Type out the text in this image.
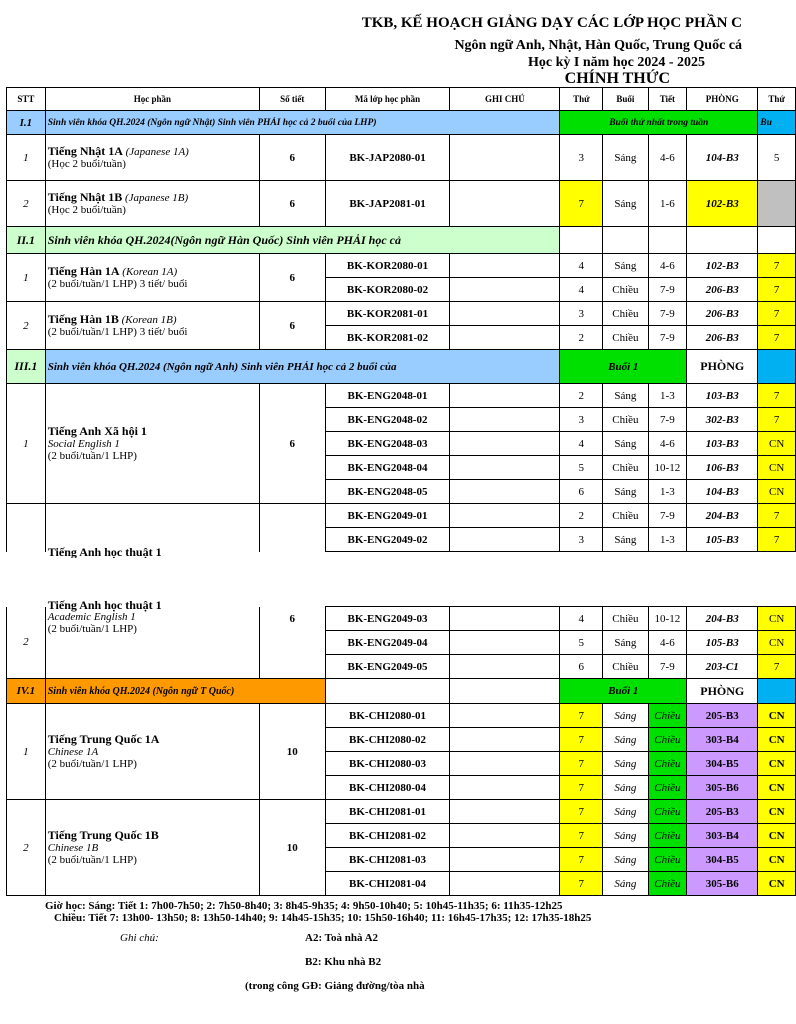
TKB, KẾ HOẠCH GIẢNG DẠY CÁC LỚP HỌC PHẦN C
Ngôn ngữ Anh, Nhật, Hàn Quốc, Trung Quốc cá
Học kỳ I năm học 2024 - 2025
CHÍNH THỨC
STT	Học phần	Số tiết	Mã lớp học phần	GHI CHÚ	Thứ	Buổi	Tiết	PHÒNG	Thứ
I.1	Sinh viên khóa QH.2024 (Ngôn ngữ Nhật) Sinh viên PHẢI học cả 2 buổi của LHP)				Buổi thứ nhất trong tuần				Bu
1	Tiếng Nhật 1A (Japanese 1A)
(Học 2 buổi/tuần)	6	BK-JAP2080-01		3	Sáng	4-6	104-B3	5
2	Tiếng Nhật 1B (Japanese 1B)
(Học 2 buổi/tuần)	6	BK-JAP2081-01		7	Sáng	1-6	102-B3	
II.1	Sinh viên khóa QH.2024(Ngôn ngữ Hàn Quốc) Sinh viên PHẢI học cả								
1	Tiếng Hàn 1A (Korean 1A)
(2 buổi/tuần/1 LHP) 3 tiết/ buổi	6	BK-KOR2080-01		4	Sáng	4-6	102-B3	7
			BK-KOR2080-02		4	Chiều	7-9	206-B3	7
2	Tiếng Hàn 1B (Korean 1B)
(2 buổi/tuần/1 LHP) 3 tiết/ buổi	6	BK-KOR2081-01		3	Chiều	7-9	206-B3	7
			BK-KOR2081-02		2	Chiều	7-9	206-B3	7
III.1	Sinh viên khóa QH.2024 (Ngôn ngữ Anh) Sinh viên PHẢI học cả 2 buổi của				Buổi 1			PHÒNG	
1	Tiếng Anh Xã hội 1
Social English 1
(2 buổi/tuần/1 LHP)	6	BK-ENG2048-01		2	Sáng	1-3	103-B3	7
			BK-ENG2048-02		3	Chiều	7-9	302-B3	7
			BK-ENG2048-03		4	Sáng	4-6	103-B3	CN
			BK-ENG2048-04		5	Chiều	10-12	106-B3	CN
			BK-ENG2048-05		6	Sáng	1-3	104-B3	CN

	Tiếng Anh học thuật 1		BK-ENG2049-01		2	Chiều	7-9	204-B3	7
			BK-ENG2049-02		3	Sáng	1-3	105-B3	7
2	Tiếng Anh học thuật 1
Academic English 1
(2 buổi/tuần/1 LHP)	6	BK-ENG2049-03		4	Chiều	10-12	204-B3	CN
			BK-ENG2049-04		5	Sáng	4-6	105-B3	CN
			BK-ENG2049-05		6	Chiều	7-9	203-C1	7
IV.1	Sinh viên khóa QH.2024 (Ngôn ngữ T Quốc)				Buổi 1			PHÒNG	
1	Tiếng Trung Quốc 1A
Chinese 1A
(2 buổi/tuần/1 LHP)	10	BK-CHI2080-01		7	Sáng	Chiều	205-B3	CN
			BK-CHI2080-02		7	Sáng	Chiều	303-B4	CN
			BK-CHI2080-03		7	Sáng	Chiều	304-B5	CN
			BK-CHI2080-04		7	Sáng	Chiều	305-B6	CN
2	Tiếng Trung Quốc 1B
Chinese 1B
(2 buổi/tuần/1 LHP)	10	BK-CHI2081-01		7	Sáng	Chiều	205-B3	CN
			BK-CHI2081-02		7	Sáng	Chiều	303-B4	CN
			BK-CHI2081-03		7	Sáng	Chiều	304-B5	CN
			BK-CHI2081-04		7	Sáng	Chiều	305-B6	CN
Giờ học: Sáng: Tiết 1: 7h00-7h50; 2: 7h50-8h40; 3: 8h45-9h35; 4: 9h50-10h40; 5: 10h45-11h35; 6: 11h35-12h25
Chiều: Tiết 7: 13h00- 13h50; 8: 13h50-14h40; 9: 14h45-15h35; 10: 15h50-16h40; 11: 16h45-17h35; 12: 17h35-18h25
Ghi chú:	A2: Toà nhà A2
B2: Khu nhà B2
(trong công GĐ: Giảng đường/tòa nhà
